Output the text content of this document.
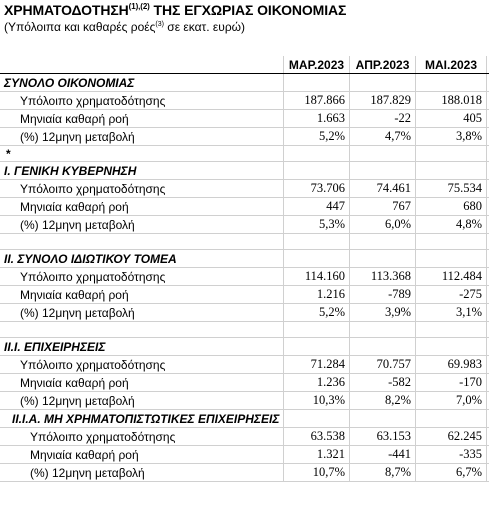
$XPHMATO\Delta OTH\Sigma H^{(1),(2)}$ ΤΗΣ ΕΓΧΩΡΙΑΣ ΟΙΚΟΝΟΜΙΑΣ
(Υπόλοιπα και καθαρές ροές$^{(3)}$ σε εκατ. ευρώ)
	ΜΑΡ.2023	ΑΠΡ.2023	ΜΑΙ.2023	
ΣΥΝΟΛΟ ΟΙΚΟΝΟΜΙΑΣ				
Υπόλοιπο χρηματοδότησης	187.866	187.829	188.018	
Μηνιαία καθαρή ροή	1.663	-22	405	
(%) 12μηνη μεταβολή	5,2%	4,7%	3,8%	
*				
I. ΓΕΝΙΚΗ ΚΥΒΕΡΝΗΣΗ				
Υπόλοιπο χρηματοδότησης	73.706	74.461	75.534	
Μηνιαία καθαρή ροή	447	767	680	
(%) 12μηνη μεταβολή	5,3%	6,0%	4,8%	

II. ΣΥΝΟΛΟ ΙΔΙΩΤΙΚΟΥ ΤΟΜΕΑ				
Υπόλοιπο χρηματοδότησης	114.160	113.368	112.484	
Μηνιαία καθαρή ροή	1.216	-789	-275	
(%) 12μηνη μεταβολή	5,2%	3,9%	3,1%	

II.I. ΕΠΙΧΕΙΡΗΣΕΙΣ				
Υπόλοιπο χρηματοδότησης	71.284	70.757	69.983	
Μηνιαία καθαρή ροή	1.236	-582	-170	
(%) 12μηνη μεταβολή	10,3%	8,2%	7,0%	
II.I.A. ΜΗ ΧΡΗΜΑΤΟΠΙΣΤΩΤΙΚΕΣ ΕΠΙΧΕΙΡΗΣΕΙΣ				
Υπόλοιπο χρηματοδότησης	63.538	63.153	62.245	
Μηνιαία καθαρή ροή	1.321	-441	-335	
(%) 12μηνη μεταβολή	10,7%	8,7%	6,7%	
